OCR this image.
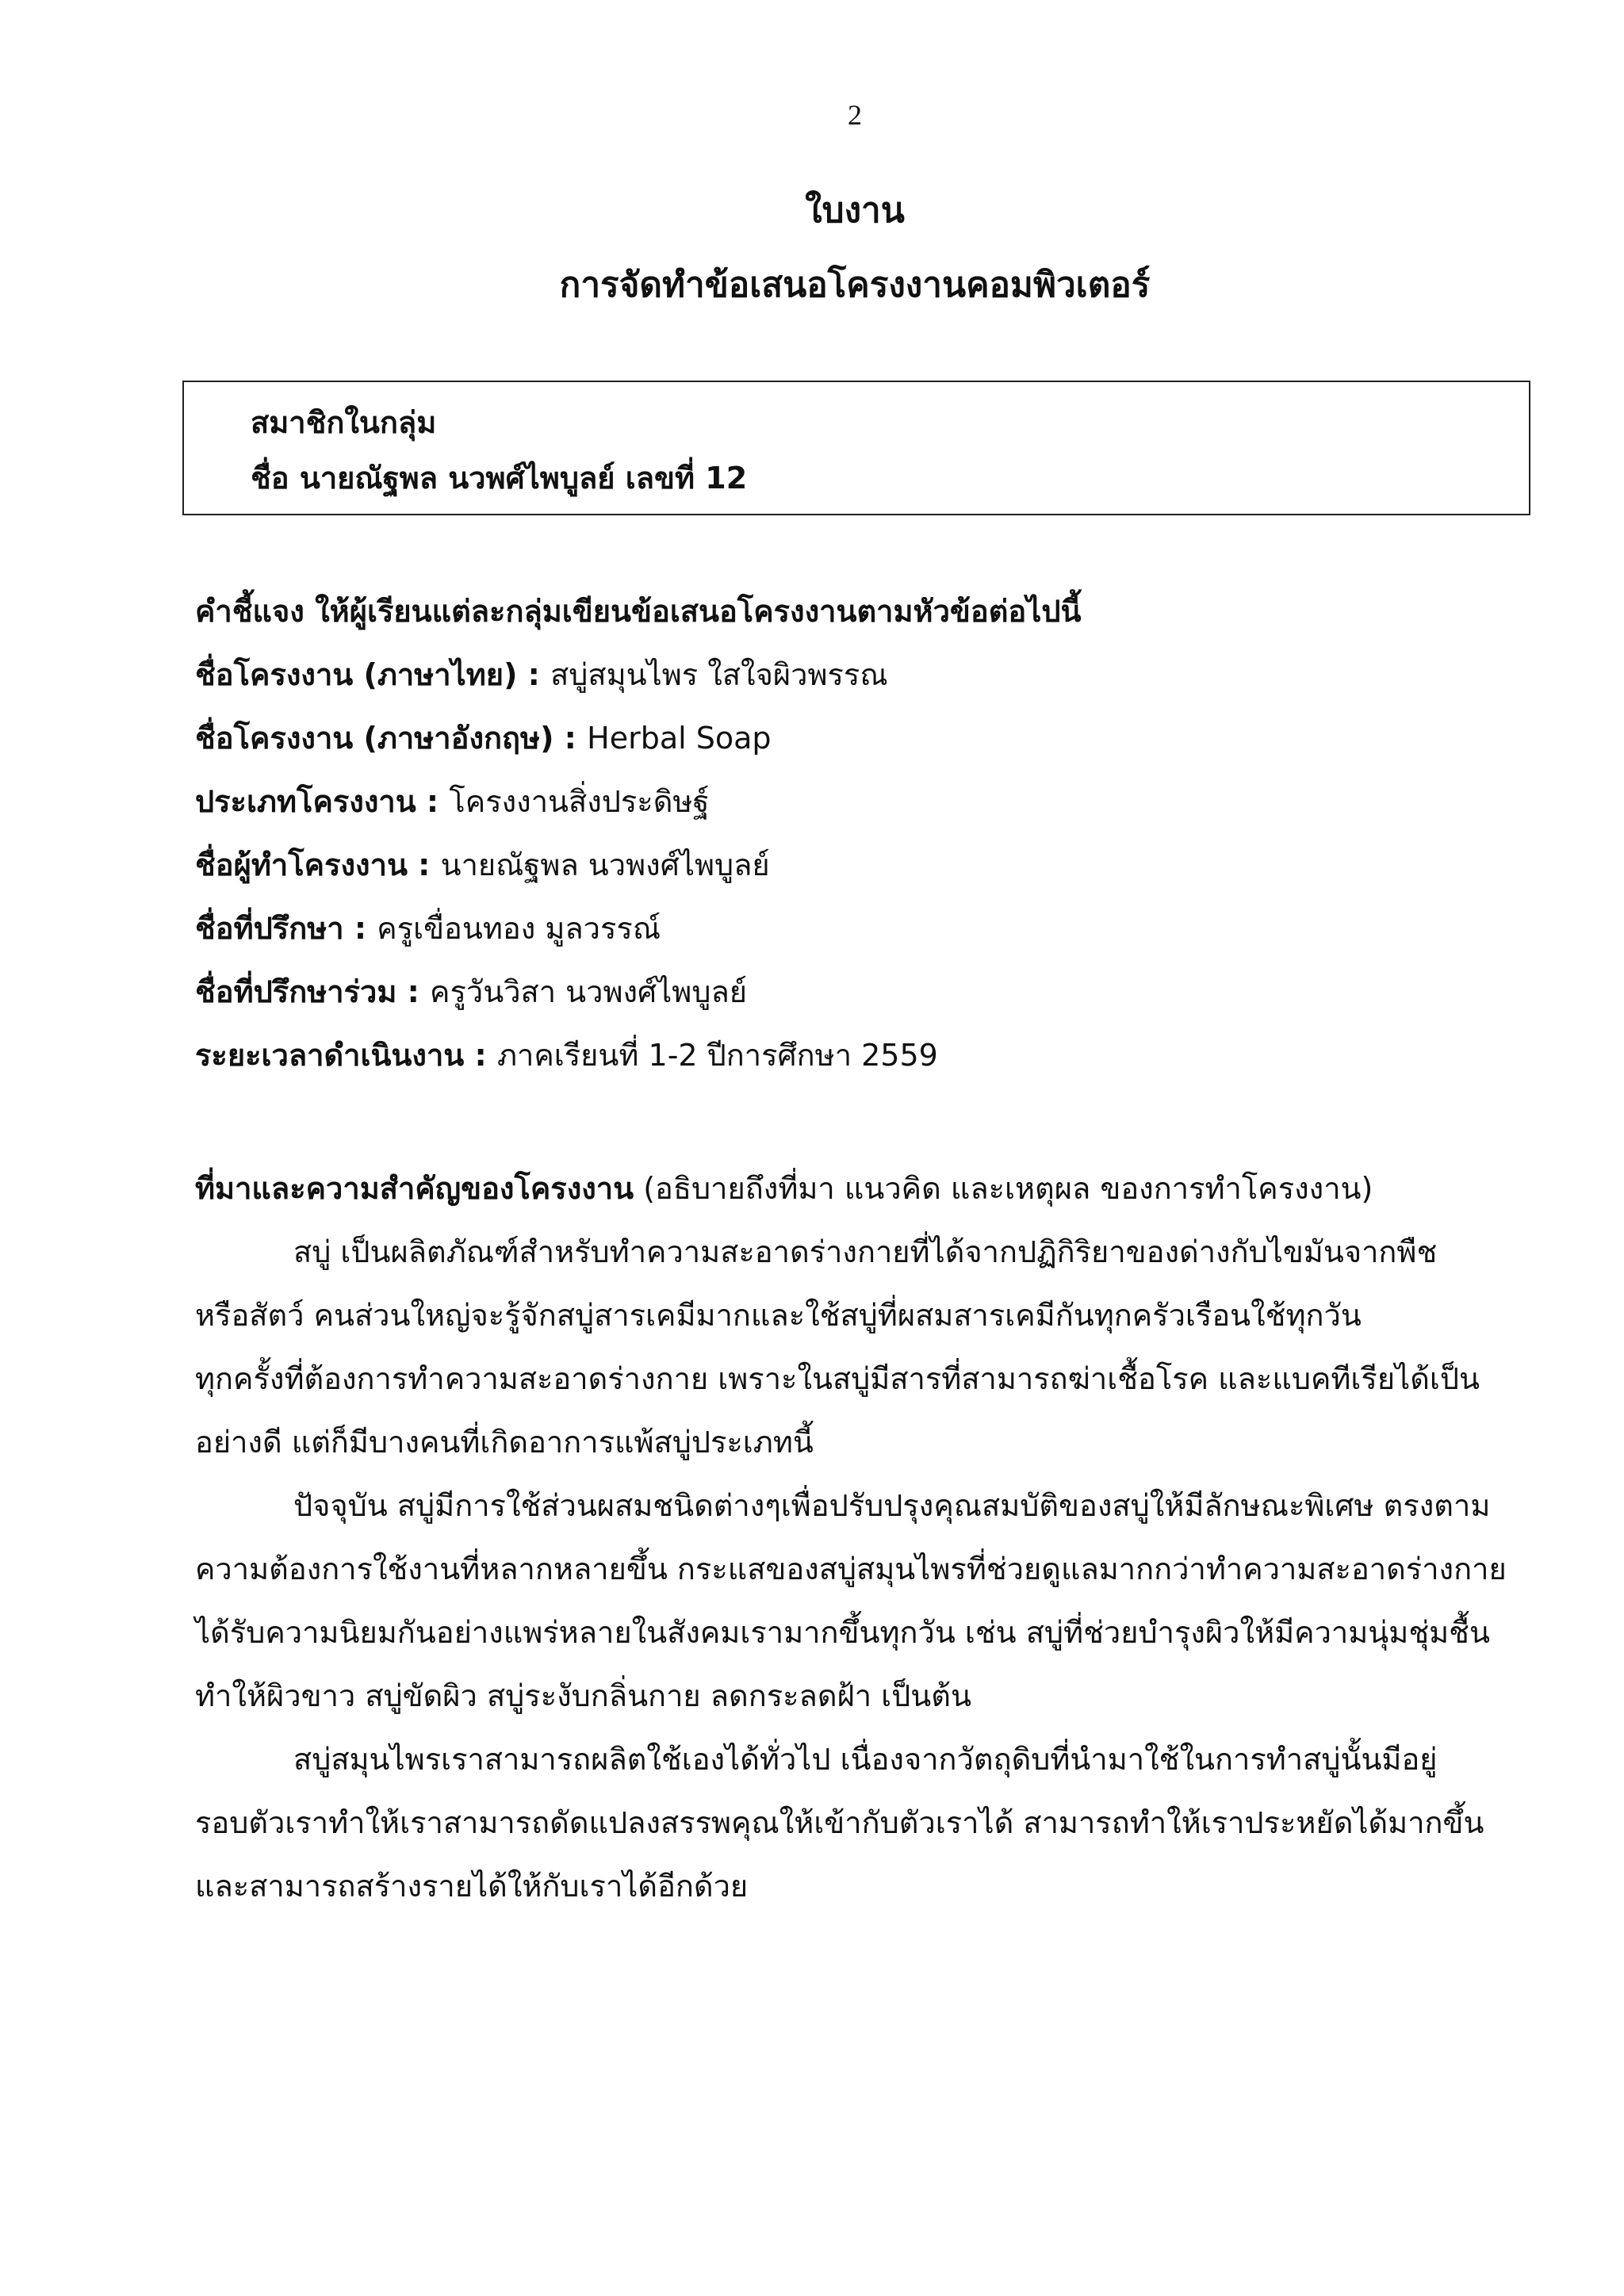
2
ใบงาน
การจัดทำข้อเสนอโครงงานคอมพิวเตอร์
สมาชิกในกลุ่ม
ชื่อ นายณัฐพล นวพศ์ไพบูลย์ เลขที่ 12
คำชี้แจง ให้ผู้เรียนแต่ละกลุ่มเขียนข้อเสนอโครงงานตามหัวข้อต่อไปนี้
ชื่อโครงงาน (ภาษาไทย) : สบู่สมุนไพร ใสใจผิวพรรณ
ชื่อโครงงาน (ภาษาอังกฤษ) : Herbal Soap
ประเภทโครงงาน : โครงงานสิ่งประดิษฐ์
ชื่อผู้ทำโครงงาน : นายณัฐพล นวพงศ์ไพบูลย์
ชื่อที่ปรึกษา : ครูเขื่อนทอง มูลวรรณ์
ชื่อที่ปรึกษาร่วม : ครูวันวิสา นวพงศ์ไพบูลย์
ระยะเวลาดำเนินงาน : ภาคเรียนที่ 1-2 ปีการศึกษา 2559
ที่มาและความสำคัญของโครงงาน (อธิบายถึงที่มา แนวคิด และเหตุผล ของการทำโครงงาน)
สบู่ เป็นผลิตภัณฑ์สำหรับทำความสะอาดร่างกายที่ได้จากปฏิกิริยาของด่างกับไขมันจากพืช
หรือสัตว์ คนส่วนใหญ่จะรู้จักสบู่สารเคมีมากและใช้สบู่ที่ผสมสารเคมีกันทุกครัวเรือนใช้ทุกวัน
ทุกครั้งที่ต้องการทำความสะอาดร่างกาย เพราะในสบู่มีสารที่สามารถฆ่าเชื้อโรค และแบคทีเรียได้เป็น
อย่างดี แต่ก็มีบางคนที่เกิดอาการแพ้สบู่ประเภทนี้
ปัจจุบัน สบู่มีการใช้ส่วนผสมชนิดต่างๆเพื่อปรับปรุงคุณสมบัติของสบู่ให้มีลักษณะพิเศษ ตรงตาม
ความต้องการใช้งานที่หลากหลายขึ้น กระแสของสบู่สมุนไพรที่ช่วยดูแลมากกว่าทำความสะอาดร่างกาย
ได้รับความนิยมกันอย่างแพร่หลายในสังคมเรามากขึ้นทุกวัน เช่น สบู่ที่ช่วยบำรุงผิวให้มีความนุ่มชุ่มชื้น
ทำให้ผิวขาว สบู่ขัดผิว สบู่ระงับกลิ่นกาย ลดกระลดฝ้า เป็นต้น
สบู่สมุนไพรเราสามารถผลิตใช้เองได้ทั่วไป เนื่องจากวัตถุดิบที่นำมาใช้ในการทำสบู่นั้นมีอยู่
รอบตัวเราทำให้เราสามารถดัดแปลงสรรพคุณให้เข้ากับตัวเราได้ สามารถทำให้เราประหยัดได้มากขึ้น
และสามารถสร้างรายได้ให้กับเราได้อีกด้วย
